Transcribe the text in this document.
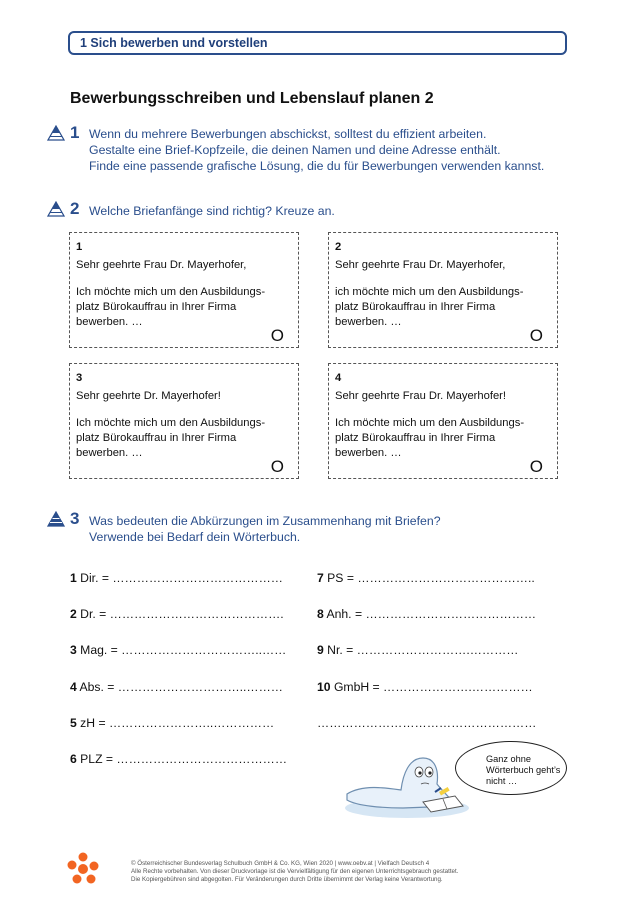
1 Sich bewerben und vorstellen
Bewerbungsschreiben und Lebenslauf planen 2
1 Wenn du mehrere Bewerbungen abschickst, solltest du effizient arbeiten.
Gestalte eine Brief-Kopfzeile, die deinen Namen und deine Adresse enthält.
Finde eine passende grafische Lösung, die du für Bewerbungen verwenden kannst.
2 Welche Briefanfänge sind richtig? Kreuze an.
1
Sehr geehrte Frau Dr. Mayerhofer,
Ich möchte mich um den Ausbildungs-
platz Bürokauffrau in Ihrer Firma
bewerben. …
O
2
Sehr geehrte Frau Dr. Mayerhofer,
ich möchte mich um den Ausbildungs-
platz Bürokauffrau in Ihrer Firma
bewerben. …
O
3
Sehr geehrte Dr. Mayerhofer!
Ich möchte mich um den Ausbildungs-
platz Bürokauffrau in Ihrer Firma
bewerben. …
O
4
Sehr geehrte Frau Dr. Mayerhofer!
Ich möchte mich um den Ausbildungs-
platz Bürokauffrau in Ihrer Firma
bewerben. …
O
3 Was bedeuten die Abkürzungen im Zusammenhang mit Briefen?
Verwende bei Bedarf dein Wörterbuch.
1 Dir. = ……………………………………
2 Dr. = …………………………………….
3 Mag. = ……………………………..……
4 Abs. = …………………………..………
5 zH = ……………………..……………
6 PLZ = ……………………………………
7 PS = ……………………………………..
8 Anh. = ……………………………………
9 Nr. = ……………………….…………
10 GmbH = ………………….……………
………………………………………………
Ganz ohne
Wörterbuch geht’s
nicht …
© Österreichischer Bundesverlag Schulbuch GmbH & Co. KG, Wien 2020 | www.oebv.at | Vielfach Deutsch 4
Alle Rechte vorbehalten. Von dieser Druckvorlage ist die Vervielfältigung für den eigenen Unterrichtsgebrauch gestattet.
Die Kopiergebühren sind abgegolten. Für Veränderungen durch Dritte übernimmt der Verlag keine Verantwortung.
